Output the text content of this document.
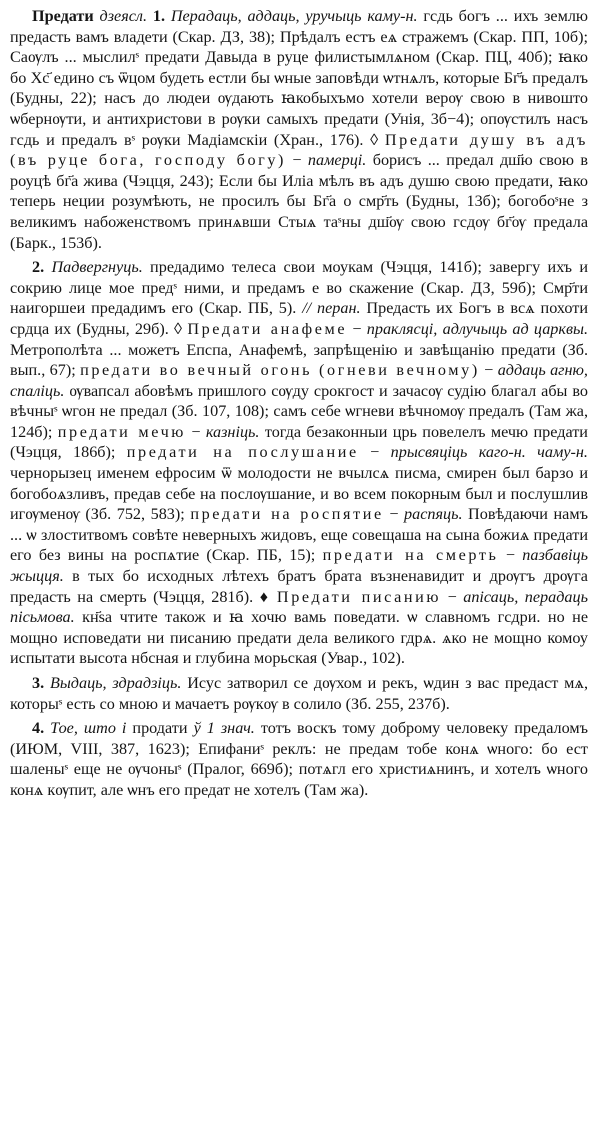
Предати дзеясл. 1. Перадаць, аддаць, уручыць каму-н. гсдь богъ ... ихъ землю предасть вамъ владети (Скар. ДЗ, 38); Прѣдалъ естъ еѧ стражемъ (Скар. ПП, 10б); Саѹлъ ... мыслилˢ предати Давыда в руце филистымлѧном (Скар. ПЦ, 40б); ꙗко бо Хс҃ едино съ ѿцом будеть естли бы ѡные заповѣди ѡтнѧлъ, которые Бг҃ъ предалъ (Будны, 22); насъ до людеи ѹдають ꙗкобыхъмо хотели верѹ свою в нивошто ѡбернѹти, и антихристови в рѹки самыхъ предати (Унія, 3б−4); опѹстилъ насъ гсдь и предалъ вˢ рѹки Мадіамскіи (Хран., 176). ◊ Предати душу въ адъ (въ руце бога, господу богу) − памерці. борисъ ... предал дш҃ю свою в роуцѣ бг҃а жива (Чэцця, 243); Если бы Иліа мѣлъ въ адъ душю свою предати, ꙗко теперь неции розумѣють, не просилъ бы Бг҃а о смр҃ть (Будны, 13б); богобоˢне з великимъ набоженствомъ принѧвши Стыѧ таˢны дш҃ѹ свою гсдѹ бг҃ѹ предала (Барк., 153б).

2. Падвергнуць. предадимо телеса свои моукам (Чэцця, 141б); завергу ихъ и сокрию лице мое предˢ ними, и предамъ е во скажение (Скар. ДЗ, 59б); Смр҃ти наигоршеи предадимъ его (Скар. ПБ, 5). // перан. Предасть их Богъ в всѧ похоти срдца их (Будны, 29б). ◊ Предати анафеме − праклясці, адлучыць ад царквы. Метрополѣта ... можетъ Епспа, Анафемѣ, запрѣщенію и завѣщанію предати (Зб. вып., 67); предати во вечный огонь (огневи вечному) − аддаць агню, спаліць. ѹвапсал абовѣмъ пришлого сѹду срокгост и зачасѹ судію благал абы во вѣчныˢ ѡгон не предал (Зб. 107, 108); самъ себе ѡгневи вѣчномѹ предалъ (Там жа, 124б); предати мечю − казніць. тогда безаконныи црь повелелъ мечю предати (Чэцця, 186б); предати на послушание − прысвяціць каго-н. чаму-н. чернорызец именем ефросим ѿ молодости не вчылсѧ писма, смирен был барзо и богобоѧзливъ, предав себе на послѹшание, и во всем покорным был и послушлив игѹменѹ (Зб. 752, 583); предати на роспятие − распяць. Повѣдаючи намъ ... ѡ злоститвомъ совѣте неверныхъ жидовъ, еще совещаша на сына божиѧ предати его без вины на роспѧтие (Скар. ПБ, 15); предати на смерть − пазбавіць жыцця. в тых бо исходных лѣтехъ братъ брата възненавидит и дрѹгъ дрѹга предасть на смерть (Чэцця, 281б). ♦ Предати писанию − апісаць, перадаць пісьмова. кн҃ѕа чтите також и ꙗ хочю вамь поведати. ѡ славномъ гсдри. но не мощно исповедати ни писанию предати дела великого гдрѧ. ѧко не мощно комоу испытати высота нбсная и глубина морьская (Увар., 102).

3. Выдаць, здрадзіць. Исус затворил се дѹхом и рекъ, ѡдин з вас предаст мѧ, которыˢ есть со мною и мачаетъ рѹкѹ в солило (Зб. 255, 237б).

4. Тое, што і продати ў 1 знач. тотъ воскъ тому доброму человеку предаломъ (ИЮМ, VIII, 387, 1623); Епифаниˢ реклъ: не предам тобе конѧ ѡного: бо ест шаленыˢ еще не ѹчоныˢ (Пралог, 669б); потѧгл его христиѧнинъ, и хотелъ ѡного конѧ кѹпит, але ѡнъ его предат не хотелъ (Там жа).
